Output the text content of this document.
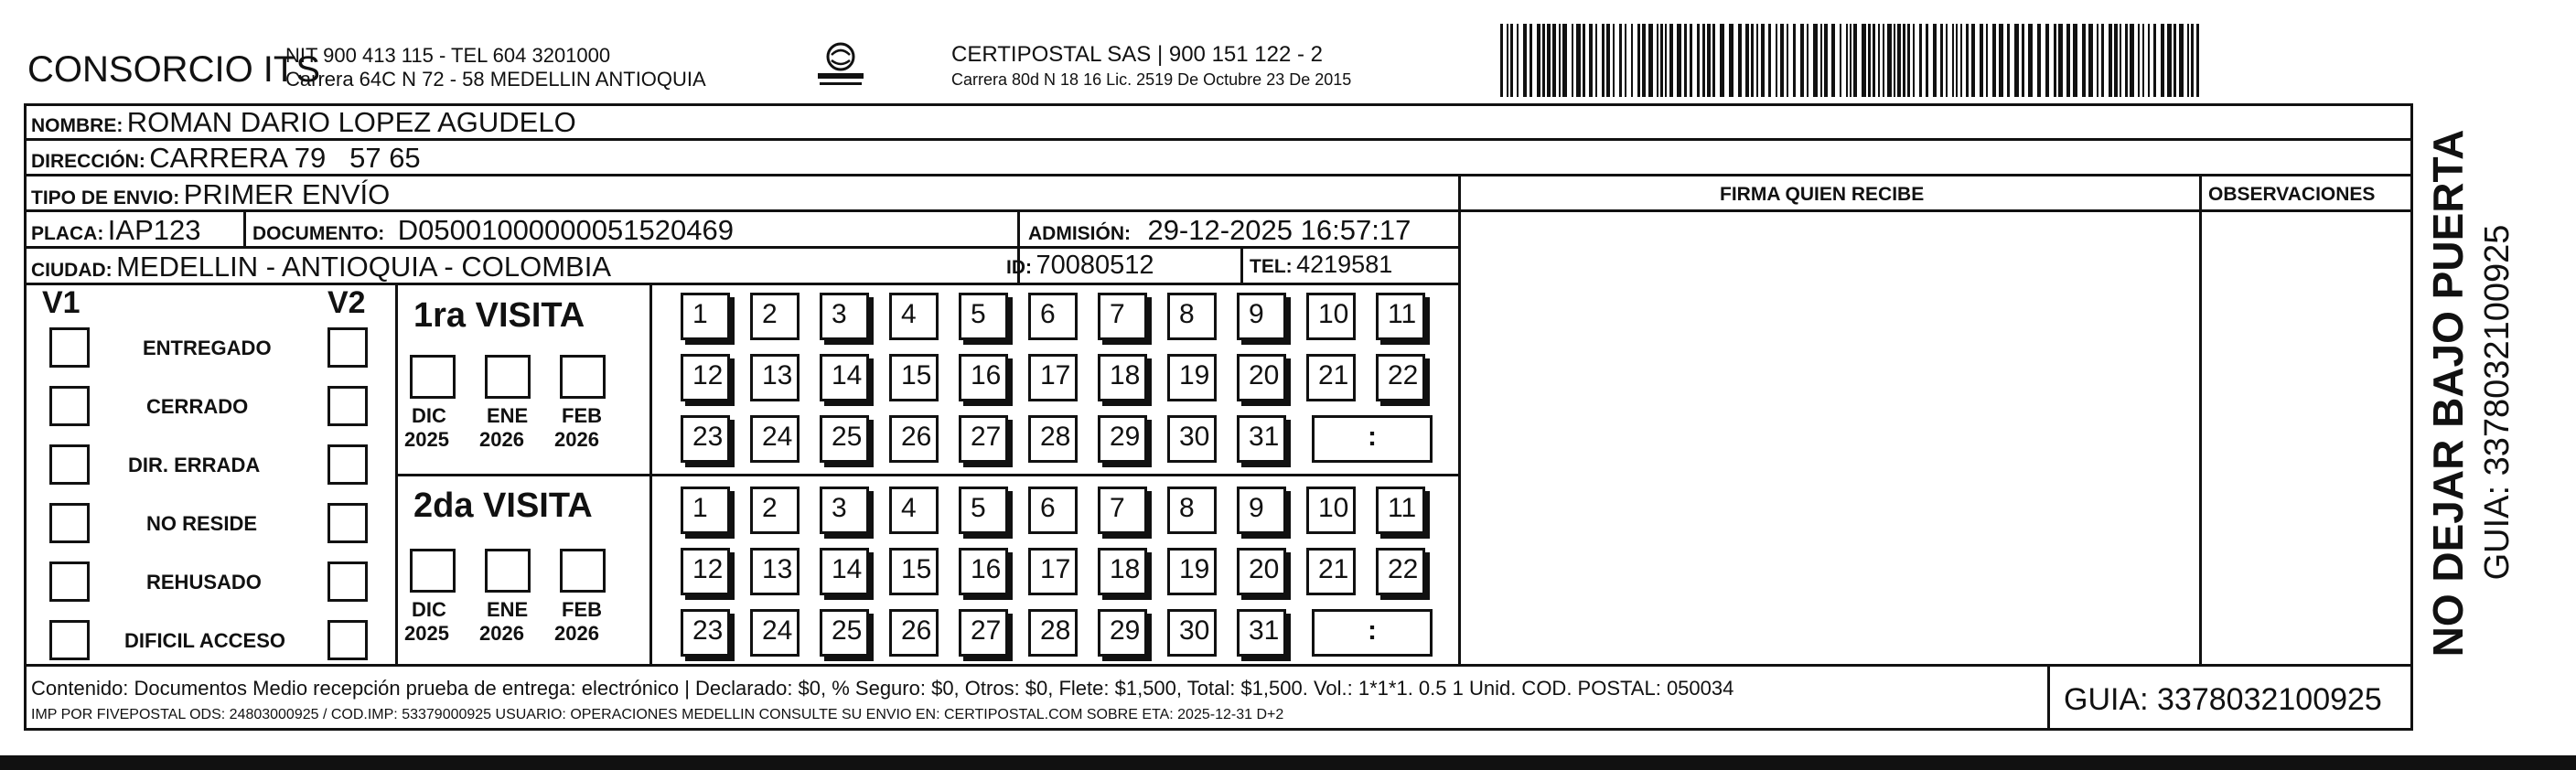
CONSORCIO ITS
NIT 900 413 115 - TEL 604 3201000
Carrera 64C N 72 - 58 MEDELLIN ANTIOQUIA
CERTIPOSTAL SAS | 900 151 122 - 2
Carrera 80d N 18 16 Lic. 2519 De Octubre 23 De 2015
NOMBRE: ROMAN DARIO LOPEZ AGUDELO
DIRECCIÓN: CARRERA 79   57 65
TIPO DE ENVIO: PRIMER ENVÍO	FIRMA QUIEN RECIBE	OBSERVACIONES
PLACA: IAP123	DOCUMENTO: D05001000000051520469	ADMISIÓN: 29-12-2025 16:57:17
CIUDAD: MEDELLIN - ANTIOQUIA - COLOMBIA	ID: 70080512	TEL: 4219581
V1	V2
ENTREGADO
CERRADO
DIR. ERRADA
NO RESIDE
REHUSADO
DIFICIL ACCESO
1ra VISITA
2da VISITA
DIC
2025
ENE
2026
FEB
2026
DIC
2025
ENE
2026
FEB
2026
1	2	3	4	5	6	7	8	9	10	11
12	13	14	15	16	17	18	19	20	21	22
23	24	25	26	27	28	29	30	31	:
1	2	3	4	5	6	7	8	9	10	11
12	13	14	15	16	17	18	19	20	21	22
23	24	25	26	27	28	29	30	31	:
Contenido: Documentos Medio recepción prueba de entrega: electrónico | Declarado: $0, % Seguro: $0, Otros: $0, Flete: $1,500, Total: $1,500. Vol.: 1*1*1. 0.5 1 Unid. COD. POSTAL: 050034
IMP POR FIVEPOSTAL ODS: 24803000925 / COD.IMP: 53379000925 USUARIO: OPERACIONES MEDELLIN CONSULTE SU ENVIO EN: CERTIPOSTAL.COM SOBRE ETA: 2025-12-31 D+2	GUIA: 3378032100925
NO DEJAR BAJO PUERTA GUIA: 3378032100925
